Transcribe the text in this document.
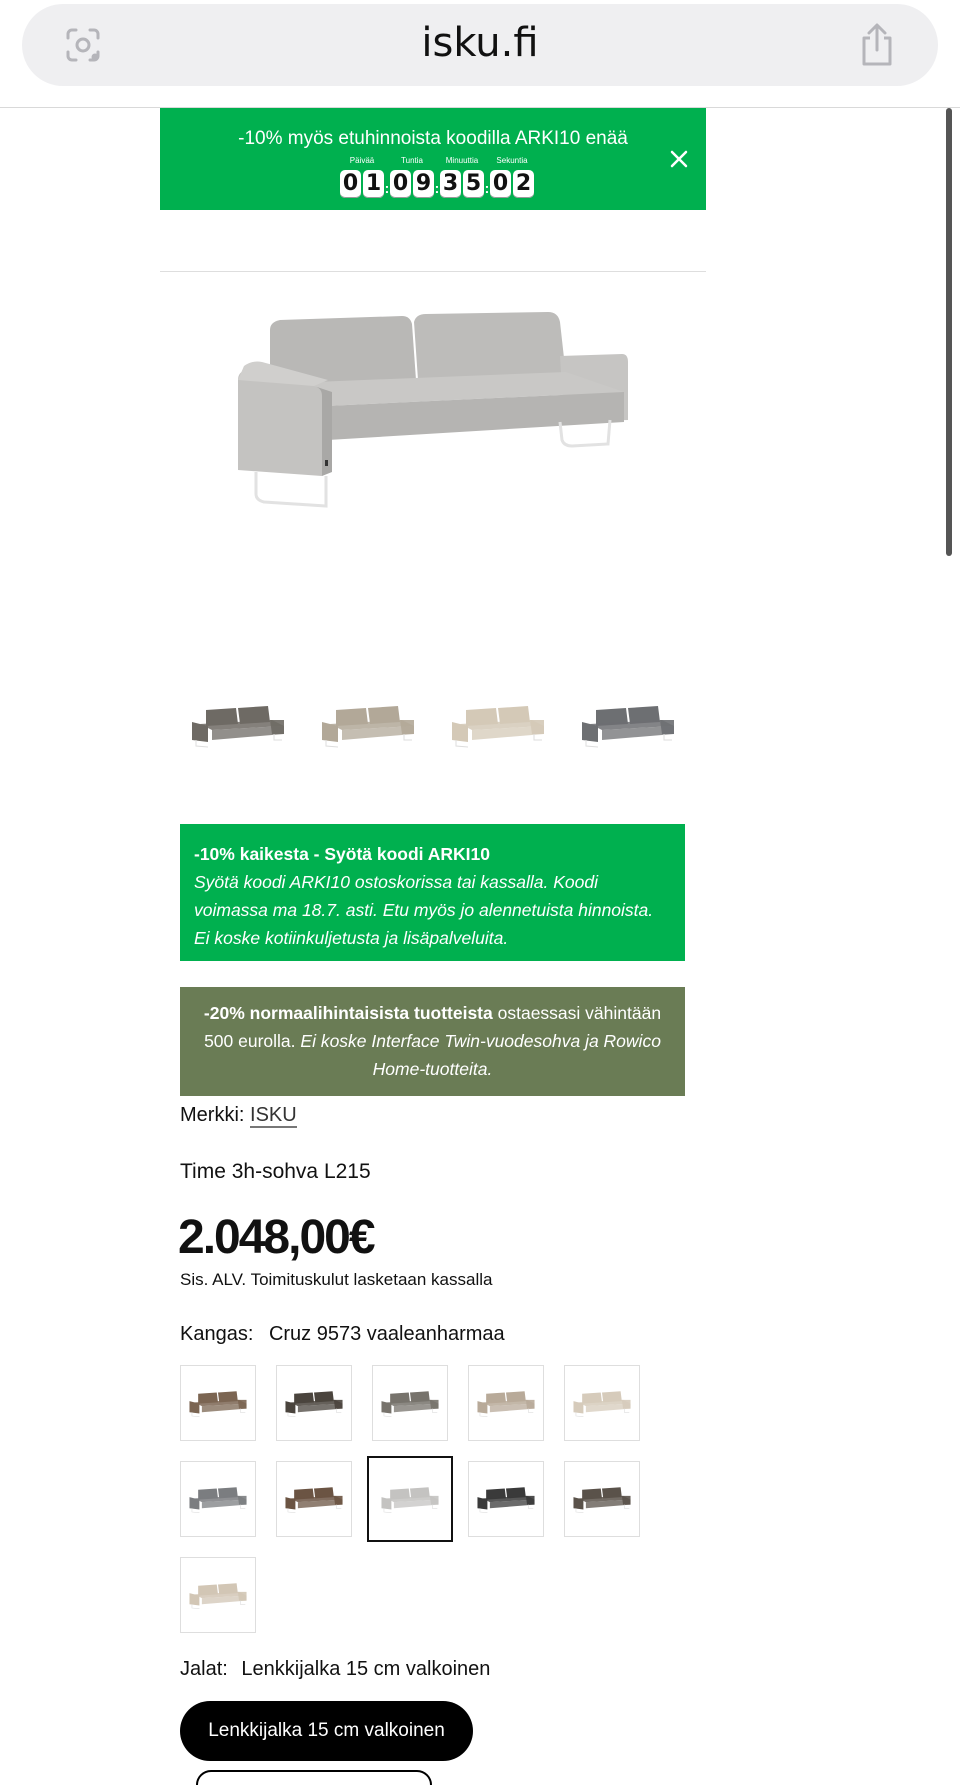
isku.fi
-10% myös etuhinnoista koodilla ARKI10 enää
Päivää
0 1 :
Tuntia
0 9 :
Minuuttia
3 5 :
Sekuntia
0 2
-10% kaikesta - Syötä koodi ARKI10
Syötä koodi ARKI10 ostoskorissa tai kassalla. Koodi voimassa ma 18.7. asti. Etu myös jo alennetuista hinnoista. Ei koske kotiinkuljetusta ja lisäpalveluita.
-20% normaalihintaisista tuotteista ostaessasi vähintään 500 eurolla. Ei koske Interface Twin-vuodesohva ja Rowico Home-tuotteita.
Merkki: ISKU
Time 3h-sohva L215
2.048,00€
Sis. ALV. Toimituskulut lasketaan kassalla
Kangas: Cruz 9573 vaaleanharmaa
Jalat: Lenkkijalka 15 cm valkoinen
Lenkkijalka 15 cm valkoinen
